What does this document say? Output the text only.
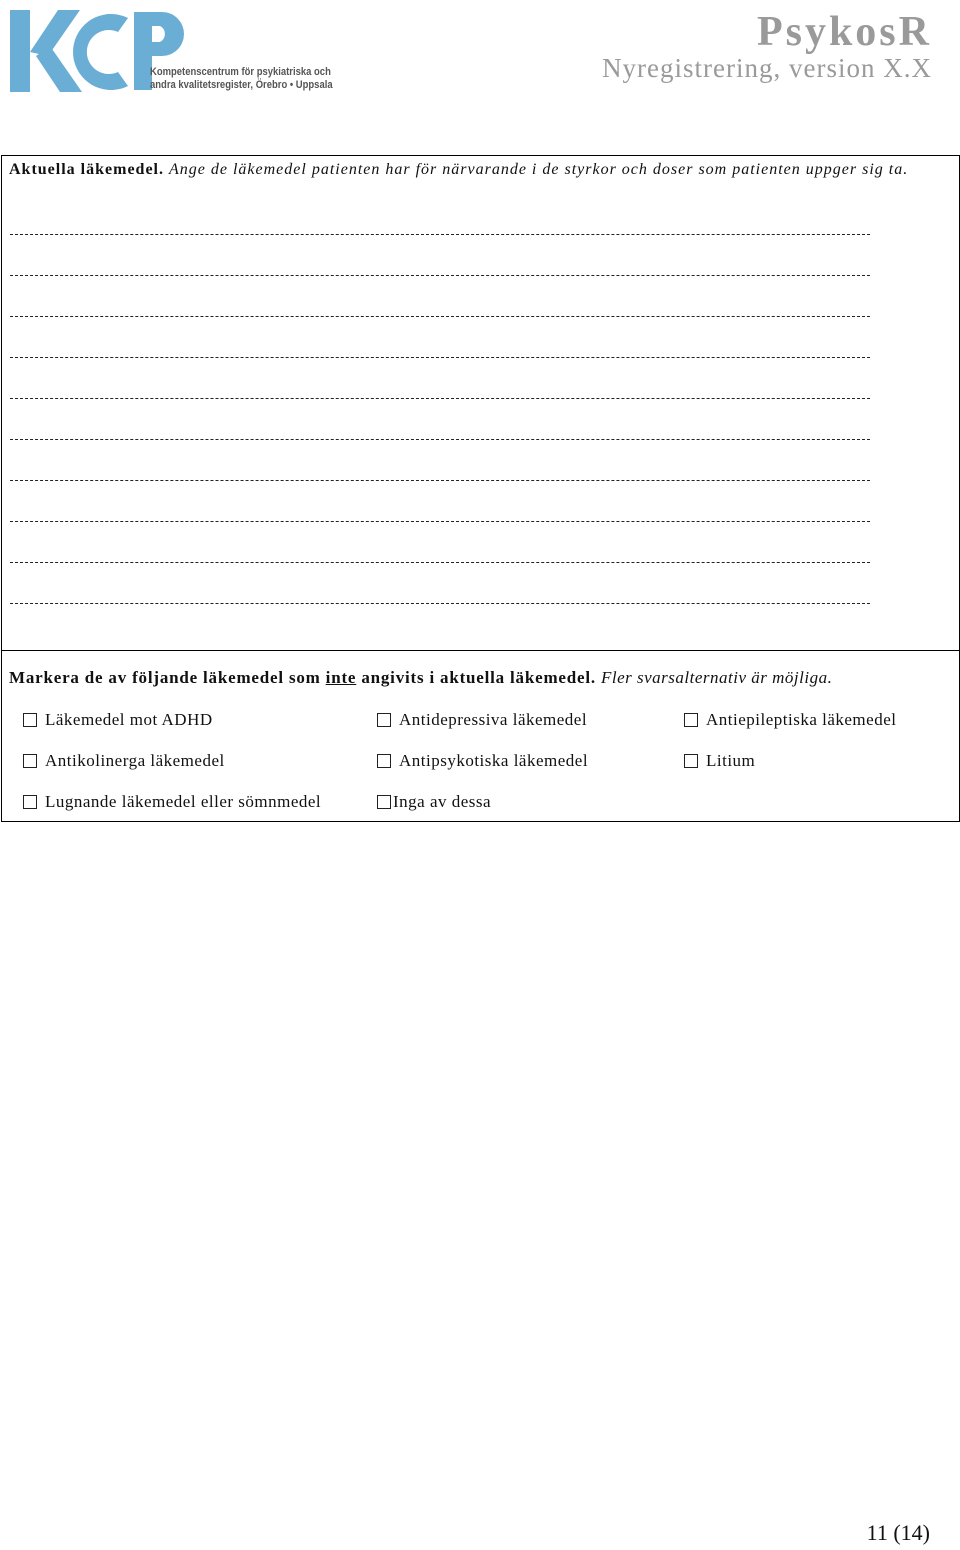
Kompetenscentrum för psykiatriska och
andra kvalitetsregister, Örebro • Uppsala
PsykosR
Nyregistrering, version X.X
Aktuella läkemedel. Ange de läkemedel patienten har för närvarande i de styrkor och doser som patienten uppger sig ta.
Markera de av följande läkemedel som inte angivits i aktuella läkemedel. Fler svarsalternativ är möjliga.
Läkemedel mot ADHD	Antidepressiva läkemedel	Antiepileptiska läkemedel
Antikolinerga läkemedel	Antipsykotiska läkemedel	Litium
Lugnande läkemedel eller sömnmedel	Inga av dessa
11 (14)
